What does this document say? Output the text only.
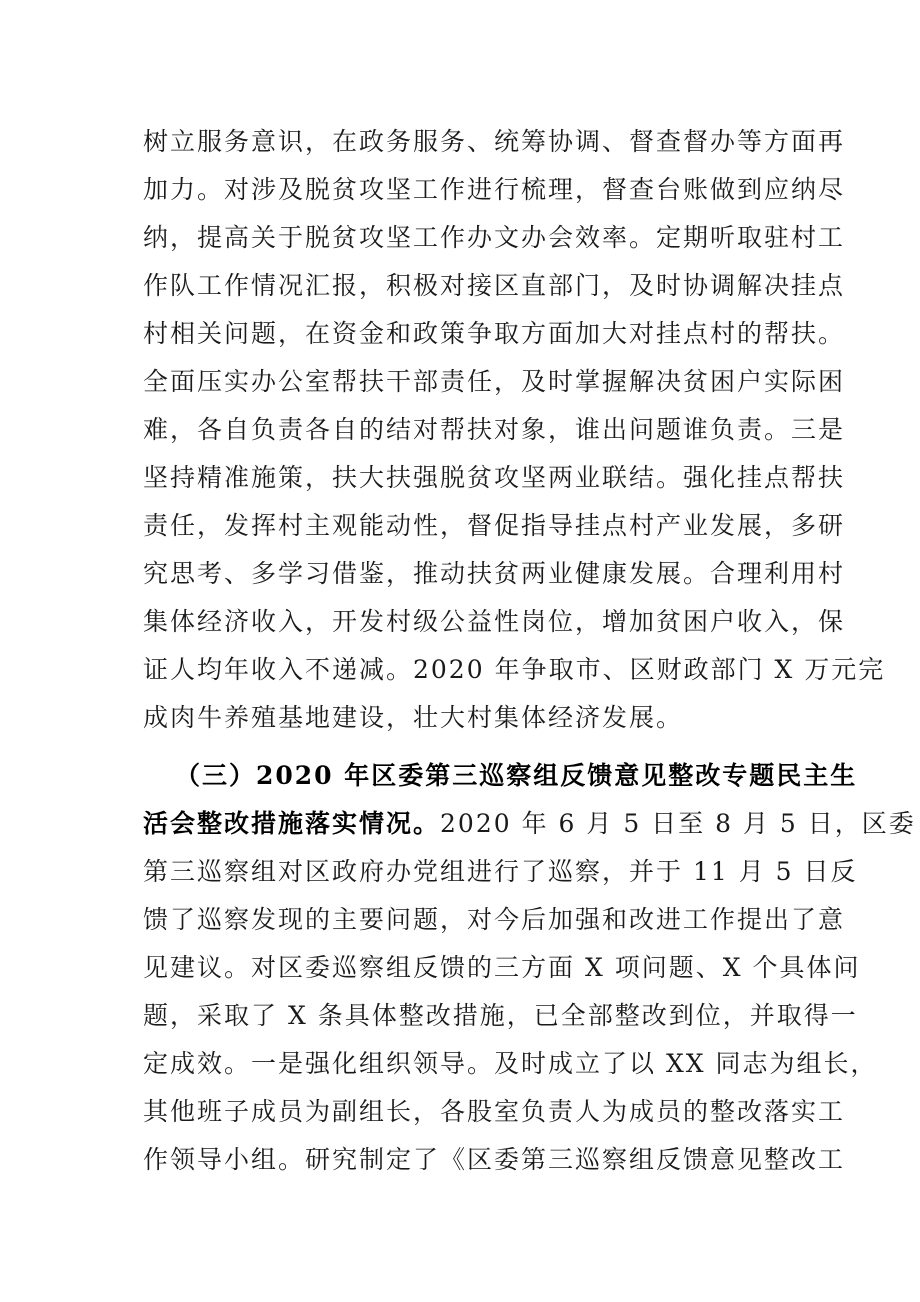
树立服务意识，在政务服务、统筹协调、督查督办等方面再
加力。对涉及脱贫攻坚工作进行梳理，督查台账做到应纳尽
纳，提高关于脱贫攻坚工作办文办会效率。定期听取驻村工
作队工作情况汇报，积极对接区直部门，及时协调解决挂点
村相关问题，在资金和政策争取方面加大对挂点村的帮扶。
全面压实办公室帮扶干部责任，及时掌握解决贫困户实际困
难，各自负责各自的结对帮扶对象，谁出问题谁负责。三是
坚持精准施策，扶大扶强脱贫攻坚两业联结。强化挂点帮扶
责任，发挥村主观能动性，督促指导挂点村产业发展，多研
究思考、多学习借鉴，推动扶贫两业健康发展。合理利用村
集体经济收入，开发村级公益性岗位，增加贫困户收入，保
证人均年收入不递减。2020 年争取市、区财政部门 X 万元完
成肉牛养殖基地建设，壮大村集体经济发展。
（三）2020 年区委第三巡察组反馈意见整改专题民主生
活会整改措施落实情况。2020 年 6 月 5 日至 8 月 5 日，区委
第三巡察组对区政府办党组进行了巡察，并于 11 月 5 日反
馈了巡察发现的主要问题，对今后加强和改进工作提出了意
见建议。对区委巡察组反馈的三方面 X 项问题、X 个具体问
题，采取了 X 条具体整改措施，已全部整改到位，并取得一
定成效。一是强化组织领导。及时成立了以 XX 同志为组长，
其他班子成员为副组长，各股室负责人为成员的整改落实工
作领导小组。研究制定了《区委第三巡察组反馈意见整改工
